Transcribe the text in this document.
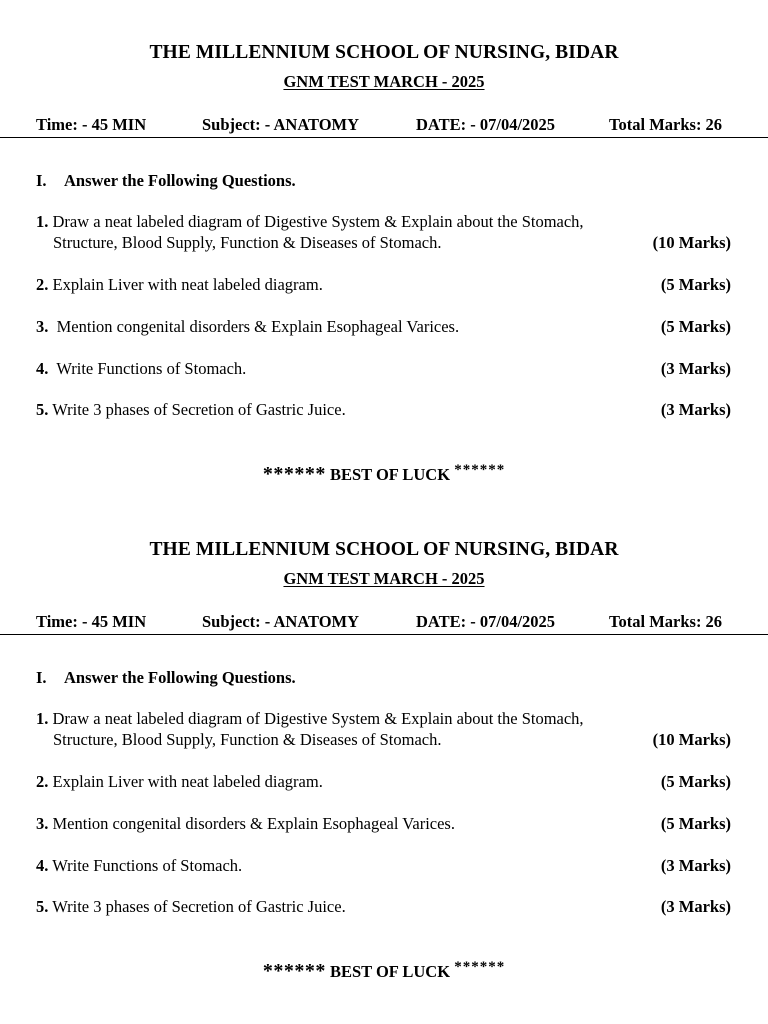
THE MILLENNIUM SCHOOL OF NURSING, BIDAR
GNM TEST MARCH - 2025
Time: - 45 MIN	Subject: - ANATOMY	DATE: - 07/04/2025	Total Marks: 26
I. Answer the Following Questions.
1. Draw a neat labeled diagram of Digestive System & Explain about the Stomach,
Structure, Blood Supply, Function & Diseases of Stomach.	(10 Marks)
2. Explain Liver with neat labeled diagram.	(5 Marks)
3.  Mention congenital disorders & Explain Esophageal Varices.	(5 Marks)
4.  Write Functions of Stomach.	(3 Marks)
5. Write 3 phases of Secretion of Gastric Juice.	(3 Marks)
****** BEST OF LUCK ******
THE MILLENNIUM SCHOOL OF NURSING, BIDAR
GNM TEST MARCH - 2025
Time: - 45 MIN	Subject: - ANATOMY	DATE: - 07/04/2025	Total Marks: 26
I. Answer the Following Questions.
1. Draw a neat labeled diagram of Digestive System & Explain about the Stomach,
Structure, Blood Supply, Function & Diseases of Stomach.	(10 Marks)
2. Explain Liver with neat labeled diagram.	(5 Marks)
3. Mention congenital disorders & Explain Esophageal Varices.	(5 Marks)
4. Write Functions of Stomach.	(3 Marks)
5. Write 3 phases of Secretion of Gastric Juice.	(3 Marks)
****** BEST OF LUCK ******
